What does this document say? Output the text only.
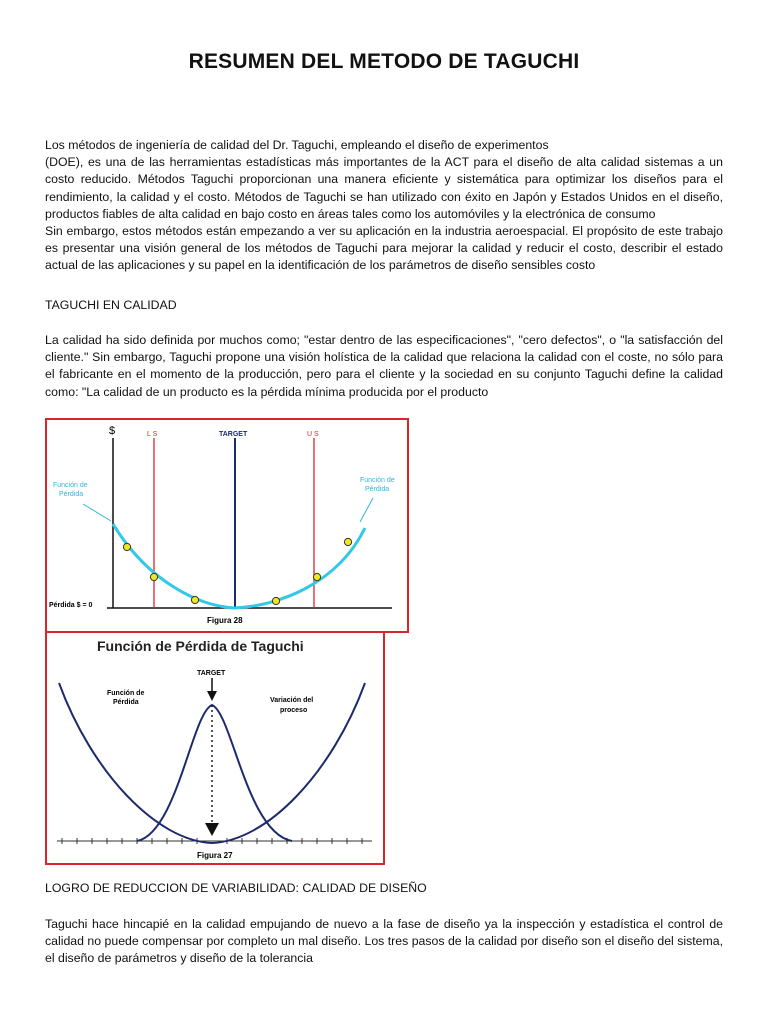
RESUMEN DEL METODO DE TAGUCHI
Los métodos de ingeniería de calidad del Dr. Taguchi, empleando el diseño de experimentos
(DOE), es una de las herramientas estadísticas más importantes de la ACT para el diseño de alta calidad sistemas a un costo reducido. Métodos Taguchi proporcionan una manera eficiente y sistemática para optimizar los diseños para el rendimiento, la calidad y el costo. Métodos de Taguchi se han utilizado con éxito en Japón y Estados Unidos en el diseño, productos fiables de alta calidad en bajo costo en áreas tales como los automóviles y la electrónica de consumo
Sin embargo, estos métodos están empezando a ver su aplicación en la industria aeroespacial. El propósito de este trabajo es presentar una visión general de los métodos de Taguchi para mejorar la calidad y reducir el costo, describir el estado actual de las aplicaciones y su papel en la identificación de los parámetros de diseño sensibles costo
TAGUCHI EN CALIDAD

La calidad ha sido definida por muchos como; "estar dentro de las especificaciones", "cero defectos", o "la satisfacción del cliente." Sin embargo, Taguchi propone una visión holística de la calidad que relaciona la calidad con el coste, no sólo para el fabricante en el momento de la producción, pero para el cliente y la sociedad en su conjunto Taguchi define la calidad como: "La calidad de un producto es la pérdida mínima producida por el producto

$	L S	TARGET	U S
Función de
Pérdida
Función de
Pérdida
Pérdida $ = 0
Figura 28
Función de Pérdida de Taguchi
TARGET
Función de
Pérdida	Variación del
proceso
Figura 27
LOGRO DE REDUCCION DE VARIABILIDAD: CALIDAD DE DISEÑO

Taguchi hace hincapié en la calidad empujando de nuevo a la fase de diseño ya la inspección y estadística el control de calidad no puede compensar por completo un mal diseño. Los tres pasos de la calidad por diseño son el diseño del sistema, el diseño de parámetros y diseño de la tolerancia
